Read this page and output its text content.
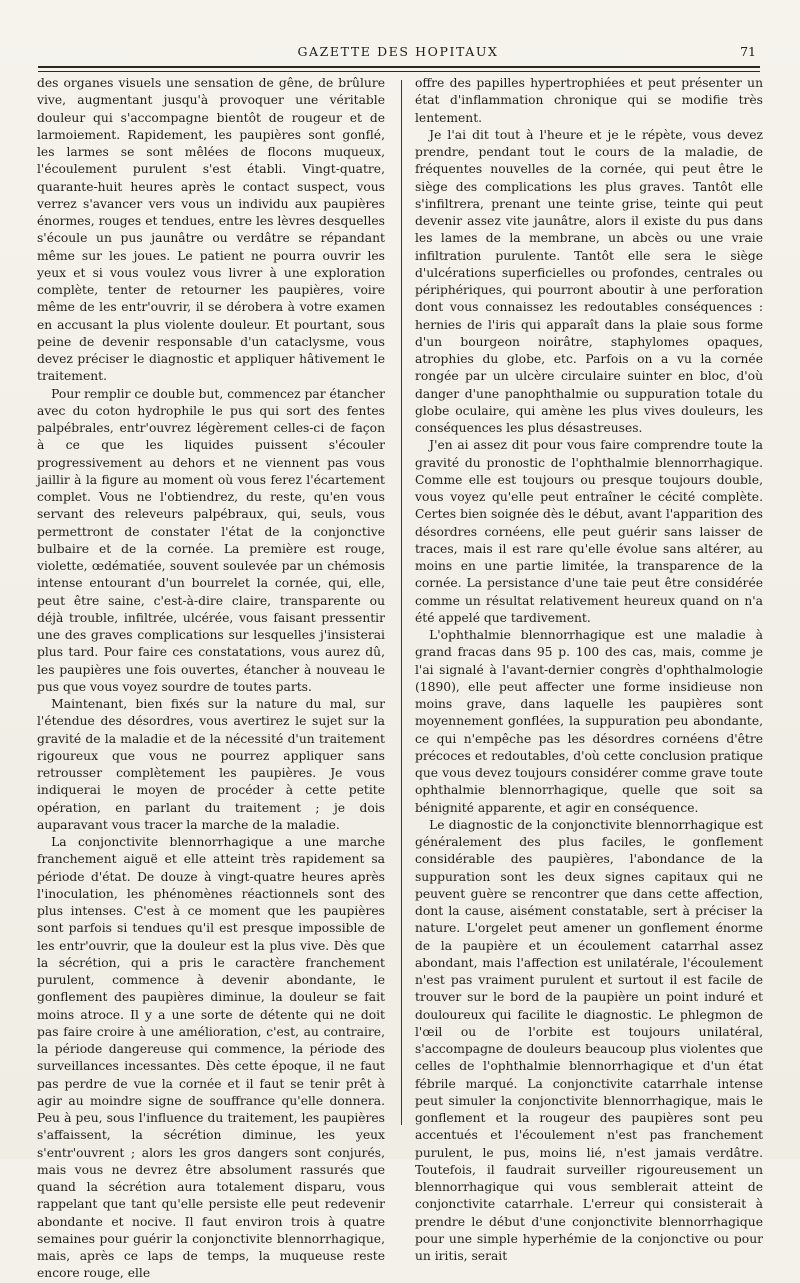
GAZETTE DES HOPITAUX	71

des organes visuels une sensation de gêne, de brûlure vive, augmentant jusqu'à provoquer une véritable douleur qui s'accompagne bientôt de rougeur et de larmoiement. Rapidement, les paupières sont gonflé, les larmes se sont mêlées de flocons muqueux, l'écoulement purulent s'est établi. Vingt-quatre, quarante-huit heures après le contact suspect, vous verrez s'avancer vers vous un individu aux paupières énormes, rouges et tendues, entre les lèvres desquelles s'écoule un pus jaunâtre ou verdâtre se répandant même sur les joues. Le patient ne pourra ouvrir les yeux et si vous voulez vous livrer à une exploration complète, tenter de retourner les paupières, voire même de les entr'ouvrir, il se dérobera à votre examen en accusant la plus violente douleur. Et pourtant, sous peine de devenir responsable d'un cataclysme, vous devez préciser le diagnostic et appliquer hâtivement le traitement.

Pour remplir ce double but, commencez par étancher avec du coton hydrophile le pus qui sort des fentes palpébrales, entr'ouvrez légèrement celles-ci de façon à ce que les liquides puissent s'écouler progressivement au dehors et ne viennent pas vous jaillir à la figure au moment où vous ferez l'écartement complet. Vous ne l'obtiendrez, du reste, qu'en vous servant des releveurs palpébraux, qui, seuls, vous permettront de constater l'état de la conjonctive bulbaire et de la cornée. La première est rouge, violette, œdématiée, souvent soulevée par un chémosis intense entourant d'un bourrelet la cornée, qui, elle, peut être saine, c'est-à-dire claire, transparente ou déjà trouble, infiltrée, ulcérée, vous faisant pressentir une des graves complications sur lesquelles j'insisterai plus tard. Pour faire ces constatations, vous aurez dû, les paupières une fois ouvertes, étancher à nouveau le pus que vous voyez sourdre de toutes parts.

Maintenant, bien fixés sur la nature du mal, sur l'étendue des désordres, vous avertirez le sujet sur la gravité de la maladie et de la nécessité d'un traitement rigoureux que vous ne pourrez appliquer sans retrousser complètement les paupières. Je vous indiquerai le moyen de procéder à cette petite opération, en parlant du traitement ; je dois auparavant vous tracer la marche de la maladie.

La conjonctivite blennorrhagique a une marche franchement aiguë et elle atteint très rapidement sa période d'état. De douze à vingt-quatre heures après l'inoculation, les phénomènes réactionnels sont des plus intenses. C'est à ce moment que les paupières sont parfois si tendues qu'il est presque impossible de les entr'ouvrir, que la douleur est la plus vive. Dès que la sécrétion, qui a pris le caractère franchement purulent, commence à devenir abondante, le gonflement des paupières diminue, la douleur se fait moins atroce. Il y a une sorte de détente qui ne doit pas faire croire à une amélioration, c'est, au contraire, la période dangereuse qui commence, la période des surveillances incessantes. Dès cette époque, il ne faut pas perdre de vue la cornée et il faut se tenir prêt à agir au moindre signe de souffrance qu'elle donnera. Peu à peu, sous l'influence du traitement, les paupières s'affaissent, la sécrétion diminue, les yeux s'entr'ouvrent ; alors les gros dangers sont conjurés, mais vous ne devrez être absolument rassurés que quand la sécrétion aura totalement disparu, vous rappelant que tant qu'elle persiste elle peut redevenir abondante et nocive. Il faut environ trois à quatre semaines pour guérir la conjonctivite blennorrhagique, mais, après ce laps de temps, la muqueuse reste encore rouge, elle

offre des papilles hypertrophiées et peut présenter un état d'inflammation chronique qui se modifie très lentement.

Je l'ai dit tout à l'heure et je le répète, vous devez prendre, pendant tout le cours de la maladie, de fréquentes nouvelles de la cornée, qui peut être le siège des complications les plus graves. Tantôt elle s'infiltrera, prenant une teinte grise, teinte qui peut devenir assez vite jaunâtre, alors il existe du pus dans les lames de la membrane, un abcès ou une vraie infiltration purulente. Tantôt elle sera le siège d'ulcérations superficielles ou profondes, centrales ou périphériques, qui pourront aboutir à une perforation dont vous connaissez les redoutables conséquences : hernies de l'iris qui apparaît dans la plaie sous forme d'un bourgeon noirâtre, staphylomes opaques, atrophies du globe, etc. Parfois on a vu la cornée rongée par un ulcère circulaire suinter en bloc, d'où danger d'une panophthalmie ou suppuration totale du globe oculaire, qui amène les plus vives douleurs, les conséquences les plus désastreuses.

J'en ai assez dit pour vous faire comprendre toute la gravité du pronostic de l'ophthalmie blennorrhagique. Comme elle est toujours ou presque toujours double, vous voyez qu'elle peut entraîner le cécité complète. Certes bien soignée dès le début, avant l'apparition des désordres cornéens, elle peut guérir sans laisser de traces, mais il est rare qu'elle évolue sans altérer, au moins en une partie limitée, la transparence de la cornée. La persistance d'une taie peut être considérée comme un résultat relativement heureux quand on n'a été appelé que tardivement.

L'ophthalmie blennorrhagique est une maladie à grand fracas dans 95 p. 100 des cas, mais, comme je l'ai signalé à l'avant-dernier congrès d'ophthalmologie (1890), elle peut affecter une forme insidieuse non moins grave, dans laquelle les paupières sont moyennement gonflées, la suppuration peu abondante, ce qui n'empêche pas les désordres cornéens d'être précoces et redoutables, d'où cette conclusion pratique que vous devez toujours considérer comme grave toute ophthalmie blennorrhagique, quelle que soit sa bénignité apparente, et agir en conséquence.

Le diagnostic de la conjonctivite blennorrhagique est généralement des plus faciles, le gonflement considérable des paupières, l'abondance de la suppuration sont les deux signes capitaux qui ne peuvent guère se rencontrer que dans cette affection, dont la cause, aisément constatable, sert à préciser la nature. L'orgelet peut amener un gonflement énorme de la paupière et un écoulement catarrhal assez abondant, mais l'affection est unilatérale, l'écoulement n'est pas vraiment purulent et surtout il est facile de trouver sur le bord de la paupière un point induré et douloureux qui facilite le diagnostic. Le phlegmon de l'œil ou de l'orbite est toujours unilatéral, s'accompagne de douleurs beaucoup plus violentes que celles de l'ophthalmie blennorrhagique et d'un état fébrile marqué. La conjonctivite catarrhale intense peut simuler la conjonctivite blennorrhagique, mais le gonflement et la rougeur des paupières sont peu accentués et l'écoulement n'est pas franchement purulent, le pus, moins lié, n'est jamais verdâtre. Toutefois, il faudrait surveiller rigoureusement un blennorrhagique qui vous semblerait atteint de conjonctivite catarrhale. L'erreur qui consisterait à prendre le début d'une conjonctivite blennorrhagique pour une simple hyperhémie de la conjonctive ou pour un iritis, serait
